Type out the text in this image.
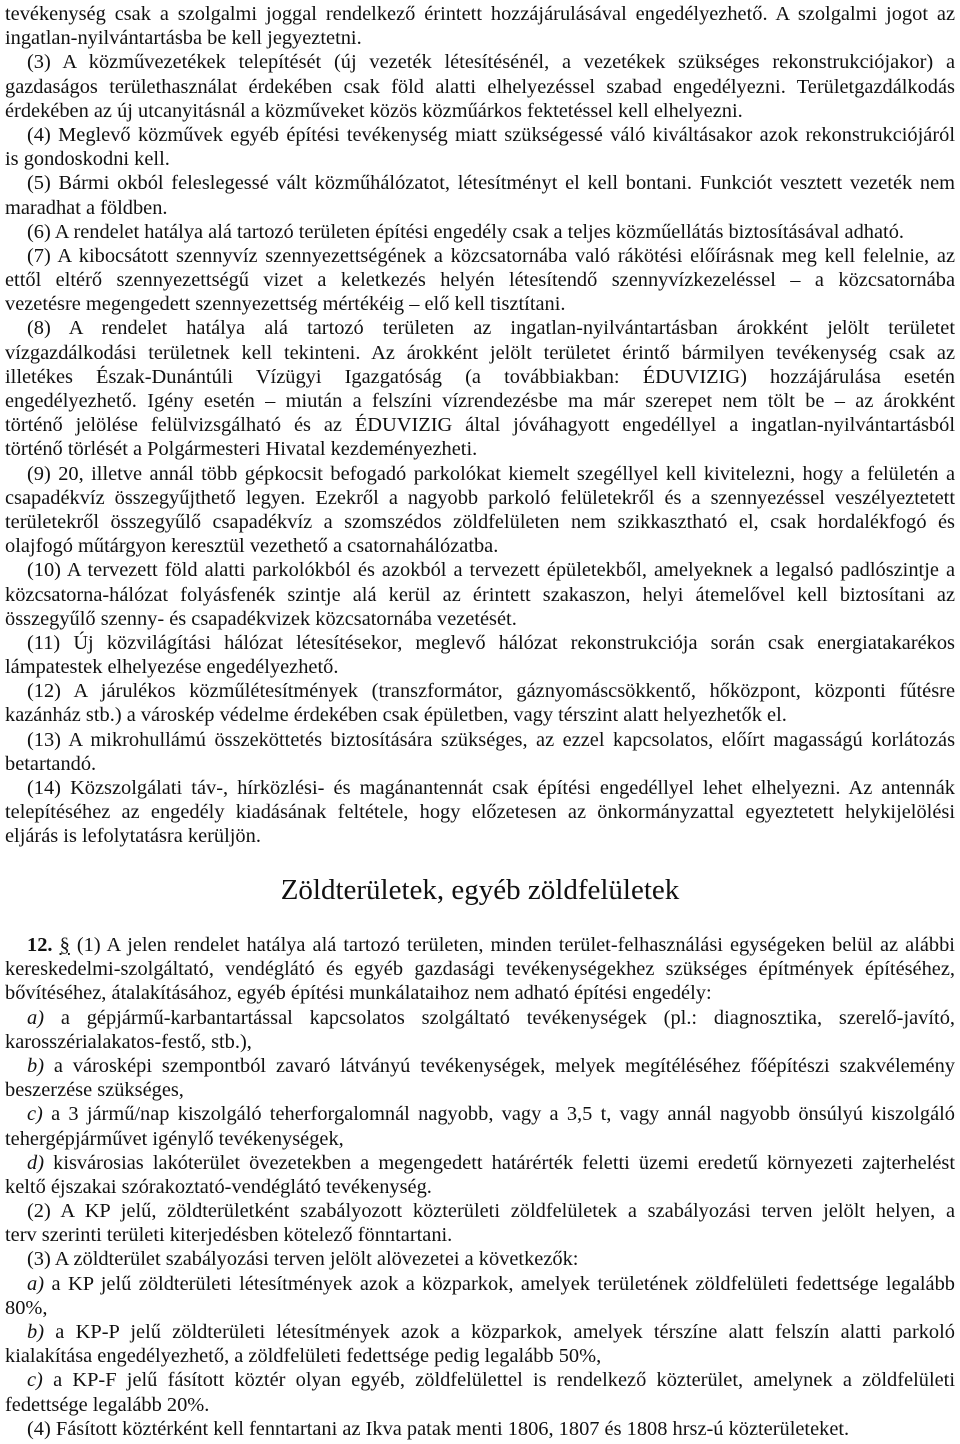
tevékenység csak a szolgalmi joggal rendelkező érintett hozzájárulásával engedélyezhető. A szolgalmi jogot az
ingatlan-nyilvántartásba be kell jegyeztetni.
(3) A közművezetékek telepítését (új vezeték létesítésénél, a vezetékek szükséges rekonstrukciójakor) a
gazdaságos területhasználat érdekében csak föld alatti elhelyezéssel szabad engedélyezni. Területgazdálkodás
érdekében az új utcanyitásnál a közműveket közös közműárkos fektetéssel kell elhelyezni.
(4) Meglevő közművek egyéb építési tevékenység miatt szükségessé váló kiváltásakor azok rekonstrukciójáról
is gondoskodni kell.
(5) Bármi okból feleslegessé vált közműhálózatot, létesítményt el kell bontani. Funkciót vesztett vezeték nem
maradhat a földben.
(6) A rendelet hatálya alá tartozó területen építési engedély csak a teljes közműellátás biztosításával adható.
(7) A kibocsátott szennyvíz szennyezettségének a közcsatornába való rákötési előírásnak meg kell felelnie, az
ettől eltérő szennyezettségű vizet a keletkezés helyén létesítendő szennyvízkezeléssel – a közcsatornába
vezetésre megengedett szennyezettség mértékéig – elő kell tisztítani.
(8) A rendelet hatálya alá tartozó területen az ingatlan-nyilvántartásban árokként jelölt területet
vízgazdálkodási területnek kell tekinteni. Az árokként jelölt területet érintő bármilyen tevékenység csak az
illetékes Észak-Dunántúli Vízügyi Igazgatóság (a továbbiakban: ÉDUVIZIG) hozzájárulása esetén
engedélyezhető. Igény esetén – miután a felszíni vízrendezésbe ma már szerepet nem tölt be – az árokként
történő jelölése felülvizsgálható és az ÉDUVIZIG által jóváhagyott engedéllyel a ingatlan-nyilvántartásból
történő törlését a Polgármesteri Hivatal kezdeményezheti.
(9) 20, illetve annál több gépkocsit befogadó parkolókat kiemelt szegéllyel kell kivitelezni, hogy a felületén a
csapadékvíz összegyűjthető legyen. Ezekről a nagyobb parkoló felületekről és a szennyezéssel veszélyeztetett
területekről összegyűlő csapadékvíz a szomszédos zöldfelületen nem szikkasztható el, csak hordalékfogó és
olajfogó műtárgyon keresztül vezethető a csatornahálózatba.
(10) A tervezett föld alatti parkolókból és azokból a tervezett épületekből, amelyeknek a legalsó padlószintje a
közcsatorna-hálózat folyásfenék szintje alá kerül az érintett szakaszon, helyi átemelővel kell biztosítani az
összegyűlő szenny- és csapadékvizek közcsatornába vezetését.
(11) Új közvilágítási hálózat létesítésekor, meglevő hálózat rekonstrukciója során csak energiatakarékos
lámpatestek elhelyezése engedélyezhető.
(12) A járulékos közműlétesítmények (transzformátor, gáznyomáscsökkentő, hőközpont, központi fűtésre
kazánház stb.) a városkép védelme érdekében csak épületben, vagy térszint alatt helyezhetők el.
(13) A mikrohullámú összeköttetés biztosítására szükséges, az ezzel kapcsolatos, előírt magasságú korlátozás
betartandó.
(14) Közszolgálati táv-, hírközlési- és magánantennát csak építési engedéllyel lehet elhelyezni. Az antennák
telepítéséhez az engedély kiadásának feltétele, hogy előzetesen az önkormányzattal egyeztetett helykijelölési
eljárás is lefolytatásra kerüljön.
Zöldterületek, egyéb zöldfelületek
12. § (1) A jelen rendelet hatálya alá tartozó területen, minden terület-felhasználási egységeken belül az alábbi
kereskedelmi-szolgáltató, vendéglátó és egyéb gazdasági tevékenységekhez szükséges építmények építéséhez,
bővítéséhez, átalakításához, egyéb építési munkálataihoz nem adható építési engedély:
a) a gépjármű-karbantartással kapcsolatos szolgáltató tevékenységek (pl.: diagnosztika, szerelő-javító,
karosszérialakatos-festő, stb.),
b) a városképi szempontból zavaró látványú tevékenységek, melyek megítéléséhez főépítészi szakvélemény
beszerzése szükséges,
c) a 3 jármű/nap kiszolgáló teherforgalomnál nagyobb, vagy a 3,5 t, vagy annál nagyobb önsúlyú kiszolgáló
tehergépjárművet igénylő tevékenységek,
d) kisvárosias lakóterület övezetekben a megengedett határérték feletti üzemi eredetű környezeti zajterhelést
keltő éjszakai szórakoztató-vendéglátó tevékenység.
(2) A KP jelű, zöldterületként szabályozott közterületi zöldfelületek a szabályozási terven jelölt helyen, a
terv szerinti területi kiterjedésben kötelező fönntartani.
(3) A zöldterület szabályozási terven jelölt alövezetei a következők:
a) a KP jelű zöldterületi létesítmények azok a közparkok, amelyek területének zöldfelületi fedettsége legalább
80%,
b) a KP-P jelű zöldterületi létesítmények azok a közparkok, amelyek térszíne alatt felszín alatti parkoló
kialakítása engedélyezhető, a zöldfelületi fedettsége pedig legalább 50%,
c) a KP-F jelű fásított köztér olyan egyéb, zöldfelülettel is rendelkező közterület, amelynek a zöldfelületi
fedettsége legalább 20%.
(4) Fásított köztérként kell fenntartani az Ikva patak menti 1806, 1807 és 1808 hrsz-ú közterületeket.
